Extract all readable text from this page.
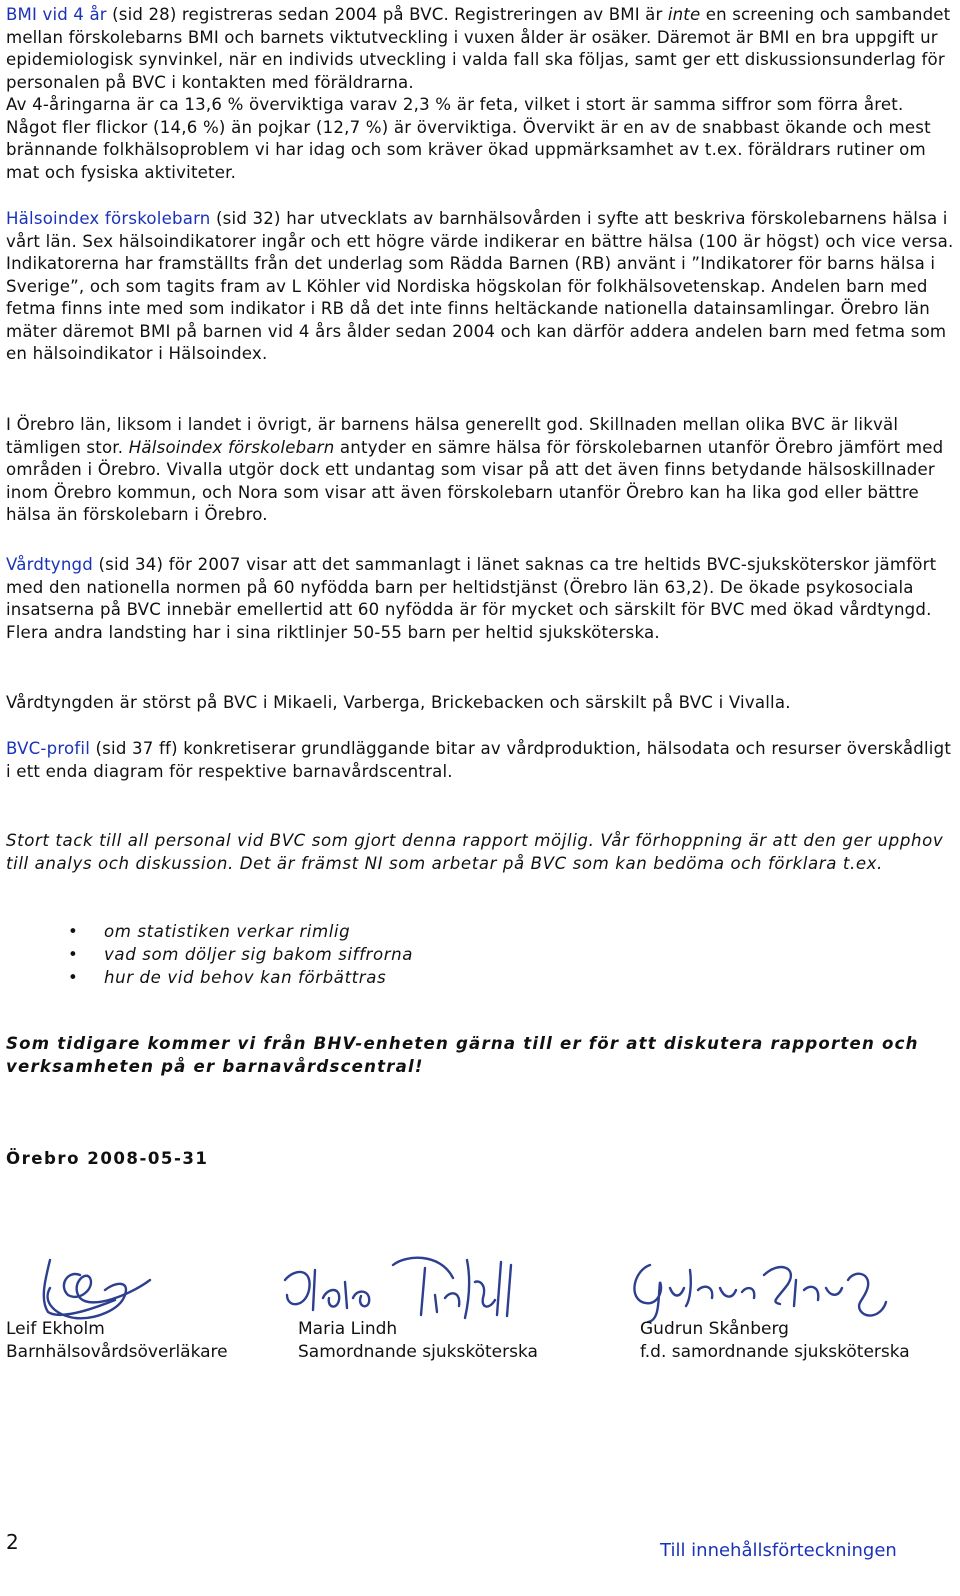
BMI vid 4 år (sid 28) registreras sedan 2004 på BVC. Registreringen av BMI är inte en screening och sambandet mellan förskolebarns BMI och barnets viktutveckling i vuxen ålder är osäker. Däremot är BMI en bra uppgift ur epidemiologisk synvinkel, när en individs utveckling i valda fall ska följas, samt ger ett diskussionsunderlag för personalen på BVC i kontakten med föräldrarna.

Av 4-åringarna är ca 13,6 % överviktiga varav 2,3 % är feta, vilket i stort är samma siffror som förra året. Något fler flickor (14,6 %) än pojkar (12,7 %) är överviktiga. Övervikt är en av de snabbast ökande och mest brännande folkhälsoproblem vi har idag och som kräver ökad uppmärksamhet av t.ex. föräldrars rutiner om mat och fysiska aktiviteter.

Hälsoindex förskolebarn (sid 32) har utvecklats av barnhälsovården i syfte att beskriva förskolebarnens hälsa i vårt län. Sex hälsoindikatorer ingår och ett högre värde indikerar en bättre hälsa (100 är högst) och vice versa. Indikatorerna har framställts från det underlag som Rädda Barnen (RB) använt i ”Indikatorer för barns hälsa i Sverige”, och som tagits fram av L Köhler vid Nordiska högskolan för folkhälsovetenskap. Andelen barn med fetma finns inte med som indikator i RB då det inte finns heltäckande nationella datainsamlingar. Örebro län mäter däremot BMI på barnen vid 4 års ålder sedan 2004 och kan därför addera andelen barn med fetma som en hälsoindikator i Hälsoindex.

I Örebro län, liksom i landet i övrigt, är barnens hälsa generellt god. Skillnaden mellan olika BVC är likväl tämligen stor. Hälsoindex förskolebarn antyder en sämre hälsa för förskolebarnen utanför Örebro jämfört med områden i Örebro. Vivalla utgör dock ett undantag som visar på att det även finns betydande hälsoskillnader inom Örebro kommun, och Nora som visar att även förskolebarn utanför Örebro kan ha lika god eller bättre hälsa än förskolebarn i Örebro.

Vårdtyngd (sid 34) för 2007 visar att det sammanlagt i länet saknas ca tre heltids BVC-sjuksköterskor jämfört med den nationella normen på 60 nyfödda barn per heltidstjänst (Örebro län 63,2). De ökade psykosociala insatserna på BVC innebär emellertid att 60 nyfödda är för mycket och särskilt för BVC med ökad vårdtyngd. Flera andra landsting har i sina riktlinjer 50-55 barn per heltid sjuksköterska.

Vårdtyngden är störst på BVC i Mikaeli, Varberga, Brickebacken och särskilt på BVC i Vivalla.

BVC-profil (sid 37 ff) konkretiserar grundläggande bitar av vårdproduktion, hälsodata och resurser överskådligt i ett enda diagram för respektive barnavårdscentral.

Stort tack till all personal vid BVC som gjort denna rapport möjlig. Vår förhoppning är att den ger upphov till analys och diskussion. Det är främst NI som arbetar på BVC som kan bedöma och förklara t.ex.

• om statistiken verkar rimlig
• vad som döljer sig bakom siffrorna
• hur de vid behov kan förbättras

Som tidigare kommer vi från BHV-enheten gärna till er för att diskutera rapporten och verksamheten på er barnavårdscentral!

Örebro 2008-05-31

Leif Ekholm
Barnhälsovårdsöverläkare
Maria Lindh
Samordnande sjuksköterska
Gudrun Skånberg
f.d. samordnande sjuksköterska
2	Till innehållsförteckningen
